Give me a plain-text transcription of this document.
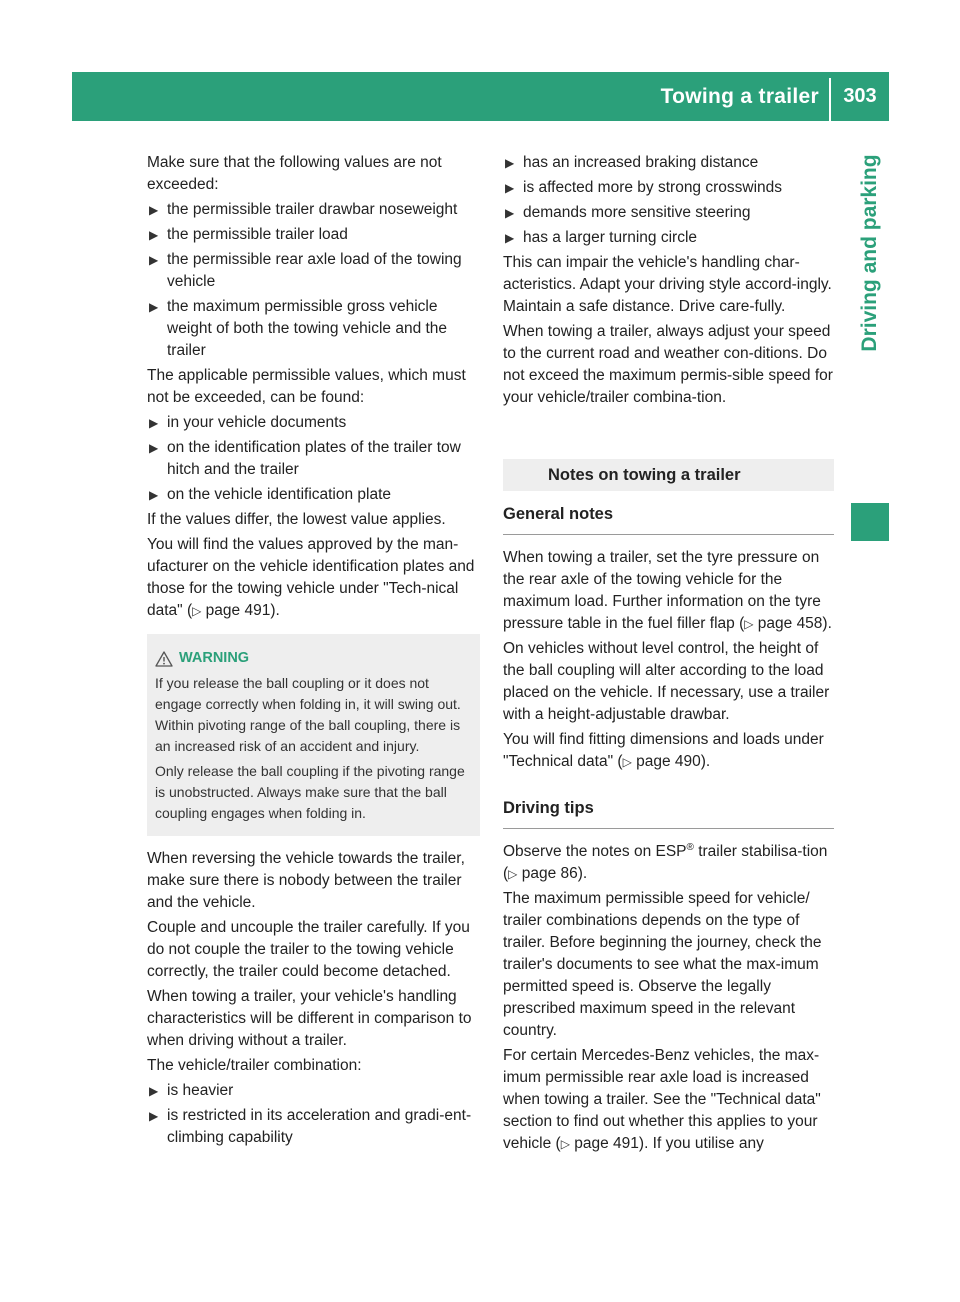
Towing a trailer	303
Driving and parking

Make sure that the following values are not exceeded:

▶
the permissible trailer drawbar noseweight
▶
the permissible trailer load
▶
the permissible rear axle load of the towing vehicle
▶
the maximum permissible gross vehicle weight of both the towing vehicle and the trailer

The applicable permissible values, which must not be exceeded, can be found:

▶
in your vehicle documents
▶
on the identification plates of the trailer tow hitch and the trailer
▶
on the vehicle identification plate

If the values differ, the lowest value applies.

You will find the values approved by the man-ufacturer on the vehicle identification plates and those for the towing vehicle under "Tech-nical data" (▷ page 491).

WARNING

If you release the ball coupling or it does not engage correctly when folding in, it will swing out. Within pivoting range of the ball coupling, there is an increased risk of an accident and injury.

Only release the ball coupling if the pivoting range is unobstructed. Always make sure that the ball coupling engages when folding in.

When reversing the vehicle towards the trailer, make sure there is nobody between the trailer and the vehicle.

Couple and uncouple the trailer carefully. If you do not couple the trailer to the towing vehicle correctly, the trailer could become detached.

When towing a trailer, your vehicle's handling characteristics will be different in comparison to when driving without a trailer.

The vehicle/trailer combination:

▶
is heavier
▶
is restricted in its acceleration and gradi-ent-climbing capability
▶
has an increased braking distance
▶
is affected more by strong crosswinds
▶
demands more sensitive steering
▶
has a larger turning circle

This can impair the vehicle's handling char-acteristics. Adapt your driving style accord-ingly. Maintain a safe distance. Drive care-fully.

When towing a trailer, always adjust your speed to the current road and weather con-ditions. Do not exceed the maximum permis-sible speed for your vehicle/trailer combina-tion.

Notes on towing a trailer
General notes

When towing a trailer, set the tyre pressure on the rear axle of the towing vehicle for the maximum load. Further information on the tyre pressure table in the fuel filler flap (▷ page 458).

On vehicles without level control, the height of the ball coupling will alter according to the load placed on the vehicle. If necessary, use a trailer with a height-adjustable drawbar.

You will find fitting dimensions and loads under "Technical data" (▷ page 490).

Driving tips

Observe the notes on ESP® trailer stabilisa-tion (▷ page 86).

The maximum permissible speed for vehicle/ trailer combinations depends on the type of trailer. Before beginning the journey, check the trailer's documents to see what the max-imum permitted speed is. Observe the legally prescribed maximum speed in the relevant country.

For certain Mercedes-Benz vehicles, the max-imum permissible rear axle load is increased when towing a trailer. See the "Technical data" section to find out whether this applies to your vehicle (▷ page 491). If you utilise any
